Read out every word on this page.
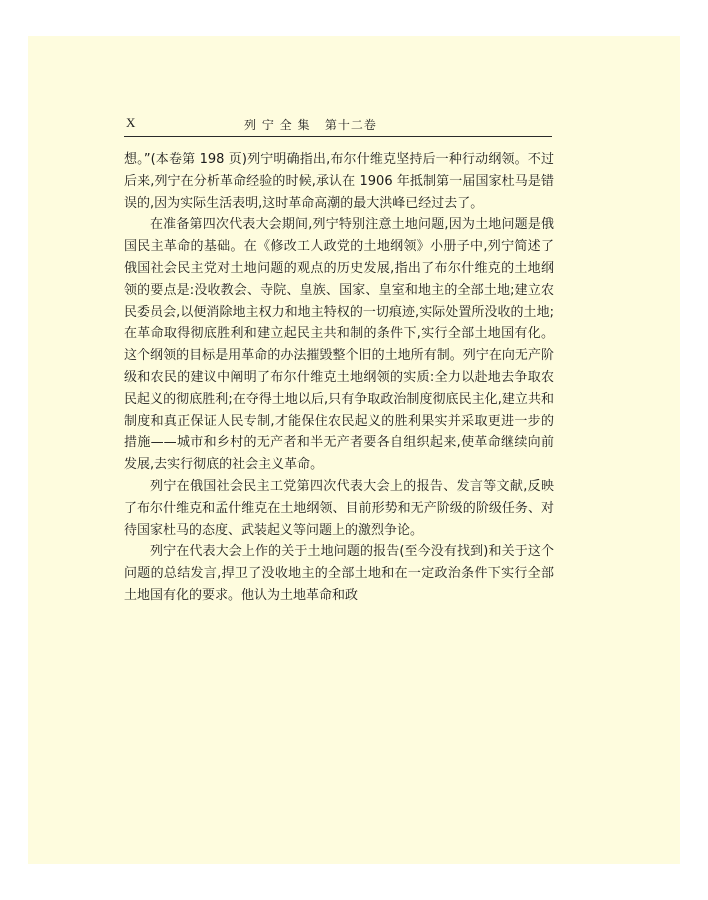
X	列 宁 全 集   第十二卷

想。”(本卷第 198 页)列宁明确指出,布尔什维克坚持后一种行动纲领。不过后来,列宁在分析革命经验的时候,承认在 1906 年抵制第一届国家杜马是错误的,因为实际生活表明,这时革命高潮的最大洪峰已经过去了。

在准备第四次代表大会期间,列宁特别注意土地问题,因为土地问题是俄国民主革命的基础。在《修改工人政党的土地纲领》小册子中,列宁简述了俄国社会民主党对土地问题的观点的历史发展,指出了布尔什维克的土地纲领的要点是:没收教会、寺院、皇族、国家、皇室和地主的全部土地;建立农民委员会,以便消除地主权力和地主特权的一切痕迹,实际处置所没收的土地;在革命取得彻底胜利和建立起民主共和制的条件下,实行全部土地国有化。这个纲领的目标是用革命的办法摧毁整个旧的土地所有制。列宁在向无产阶级和农民的建议中阐明了布尔什维克土地纲领的实质:全力以赴地去争取农民起义的彻底胜利;在夺得土地以后,只有争取政治制度彻底民主化,建立共和制度和真正保证人民专制,才能保住农民起义的胜利果实并采取更进一步的措施——城市和乡村的无产者和半无产者要各自组织起来,使革命继续向前发展,去实行彻底的社会主义革命。

列宁在俄国社会民主工党第四次代表大会上的报告、发言等文献,反映了布尔什维克和孟什维克在土地纲领、目前形势和无产阶级的阶级任务、对待国家杜马的态度、武装起义等问题上的激烈争论。

列宁在代表大会上作的关于土地问题的报告(至今没有找到)和关于这个问题的总结发言,捍卫了没收地主的全部土地和在一定政治条件下实行全部土地国有化的要求。他认为土地革命和政
